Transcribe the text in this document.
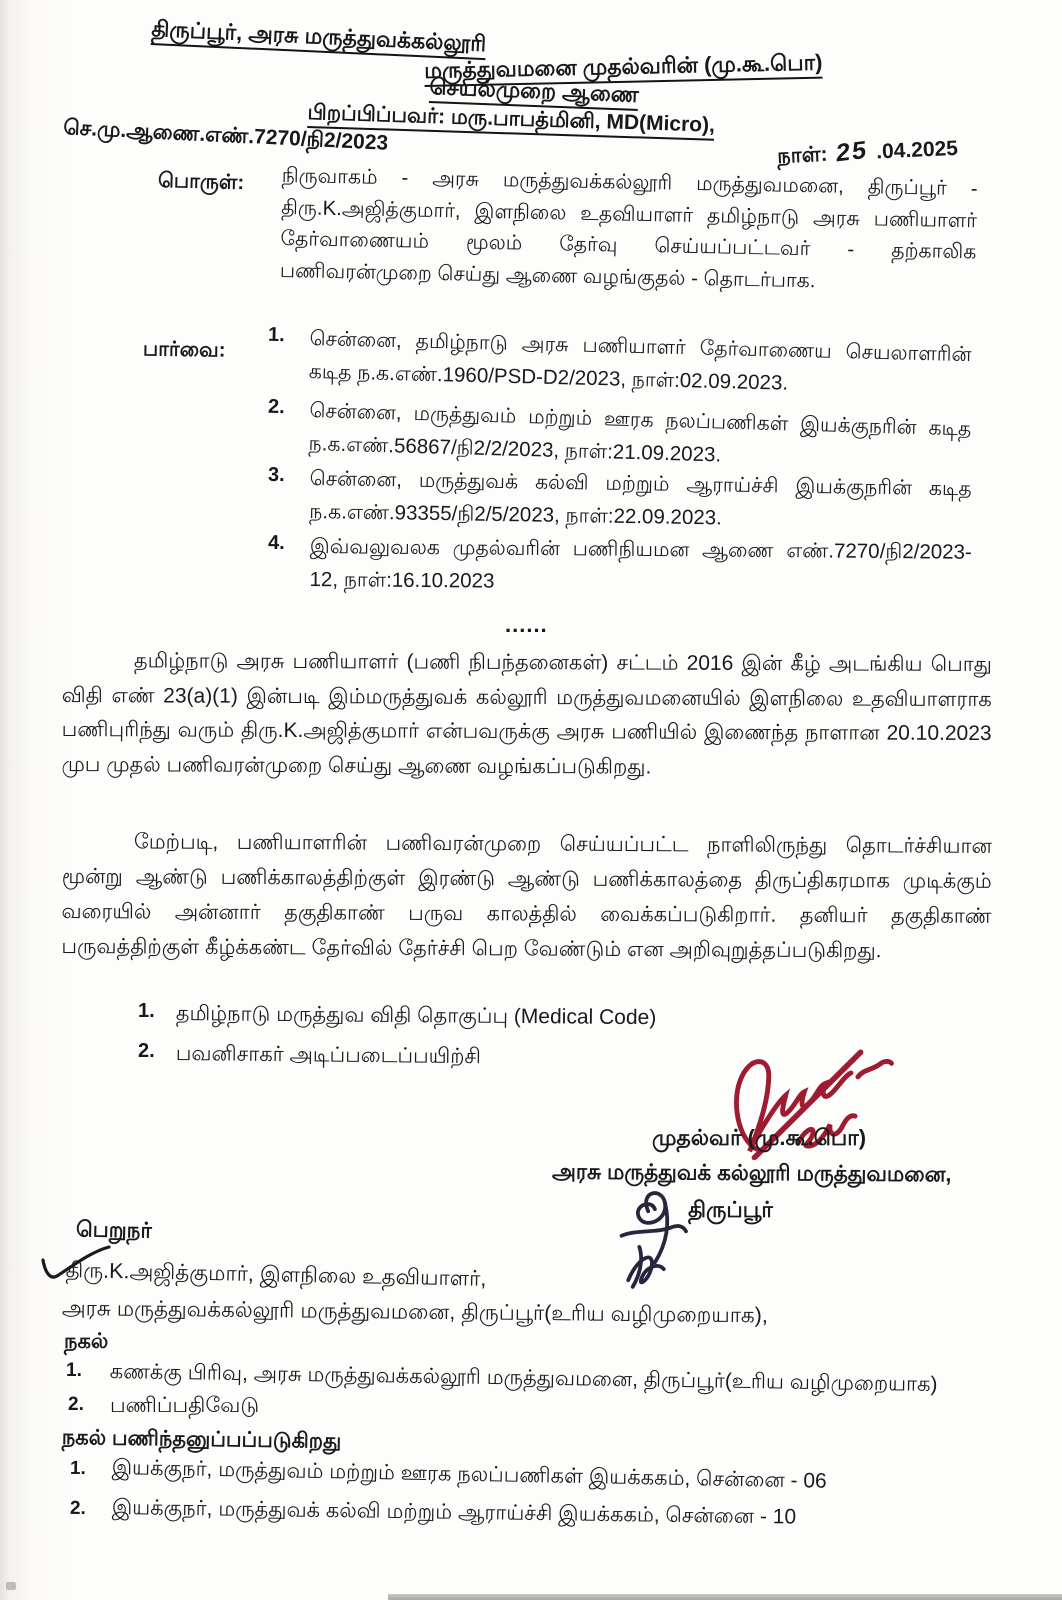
திருப்பூர், அரசு மருத்துவக்கல்லூரி
மருத்துவமனை முதல்வரின் (மு.கூ.பொ)
செயல்முறை ஆணை
பிறப்பிப்பவர்: மரு.பாபத்மினி, MD(Micro),
செ.மு.ஆணை.எண்.7270/நி2/2023
நாள்: 25 .04.2025
பொருள்: நிருவாகம் - அரசு மருத்துவக்கல்லூரி மருத்துவமனை, திருப்பூர் - திரு.K.அஜித்குமார், இளநிலை உதவியாளர் தமிழ்நாடு அரசு பணியாளர் தேர்வாணையம் மூலம் தேர்வு செய்யப்பட்டவர் - தற்காலிக பணிவரன்முறை செய்து ஆணை வழங்குதல் - தொடர்பாக.
பார்வை:
1. சென்னை, தமிழ்நாடு அரசு பணியாளர் தேர்வாணைய செயலாளரின் கடித ந.க.எண்.1960/PSD-D2/2023, நாள்:02.09.2023.
2. சென்னை, மருத்துவம் மற்றும் ஊரக நலப்பணிகள் இயக்குநரின் கடித ந.க.எண்.56867/நி2/2/2023, நாள்:21.09.2023.
3. சென்னை, மருத்துவக் கல்வி மற்றும் ஆராய்ச்சி இயக்குநரின் கடித ந.க.எண்.93355/நி2/5/2023, நாள்:22.09.2023.
4. இவ்வலுவலக முதல்வரின் பணிநியமன ஆணை எண்.7270/நி2/2023-12, நாள்:16.10.2023
......
தமிழ்நாடு அரசு பணியாளர் (பணி நிபந்தனைகள்) சட்டம் 2016 இன் கீழ் அடங்கிய பொது விதி எண் 23(a)(1) இன்படி இம்மருத்துவக் கல்லூரி மருத்துவமனையில் இளநிலை உதவியாளராக பணிபுரிந்து வரும் திரு.K.அஜித்குமார் என்பவருக்கு அரசு பணியில் இணைந்த நாளான 20.10.2023 முப முதல் பணிவரன்முறை செய்து ஆணை வழங்கப்படுகிறது.
மேற்படி, பணியாளரின் பணிவரன்முறை செய்யப்பட்ட நாளிலிருந்து தொடர்ச்சியான மூன்று ஆண்டு பணிக்காலத்திற்குள் இரண்டு ஆண்டு பணிக்காலத்தை திருப்திகரமாக முடிக்கும் வரையில் அன்னார் தகுதிகாண் பருவ காலத்தில் வைக்கப்படுகிறார். தனியர் தகுதிகாண் பருவத்திற்குள் கீழ்க்கண்ட தேர்வில் தேர்ச்சி பெற வேண்டும் என அறிவுறுத்தப்படுகிறது.
1. தமிழ்நாடு மருத்துவ விதி தொகுப்பு (Medical Code)
2. பவனிசாகர் அடிப்படைப்பயிற்சி
முதல்வர் (மு.கூ.பொ)
அரசு மருத்துவக் கல்லூரி மருத்துவமனை,
திருப்பூர்
பெறுநர்
திரு.K.அஜித்குமார், இளநிலை உதவியாளர்,
அரசு மருத்துவக்கல்லூரி மருத்துவமனை, திருப்பூர்(உரிய வழிமுறையாக),
நகல்
1. கணக்கு பிரிவு, அரசு மருத்துவக்கல்லூரி மருத்துவமனை, திருப்பூர்(உரிய வழிமுறையாக)
2. பணிப்பதிவேடு
நகல் பணிந்தனுப்பப்படுகிறது
1. இயக்குநர், மருத்துவம் மற்றும் ஊரக நலப்பணிகள் இயக்ககம், சென்னை - 06
2. இயக்குநர், மருத்துவக் கல்வி மற்றும் ஆராய்ச்சி இயக்ககம், சென்னை - 10
